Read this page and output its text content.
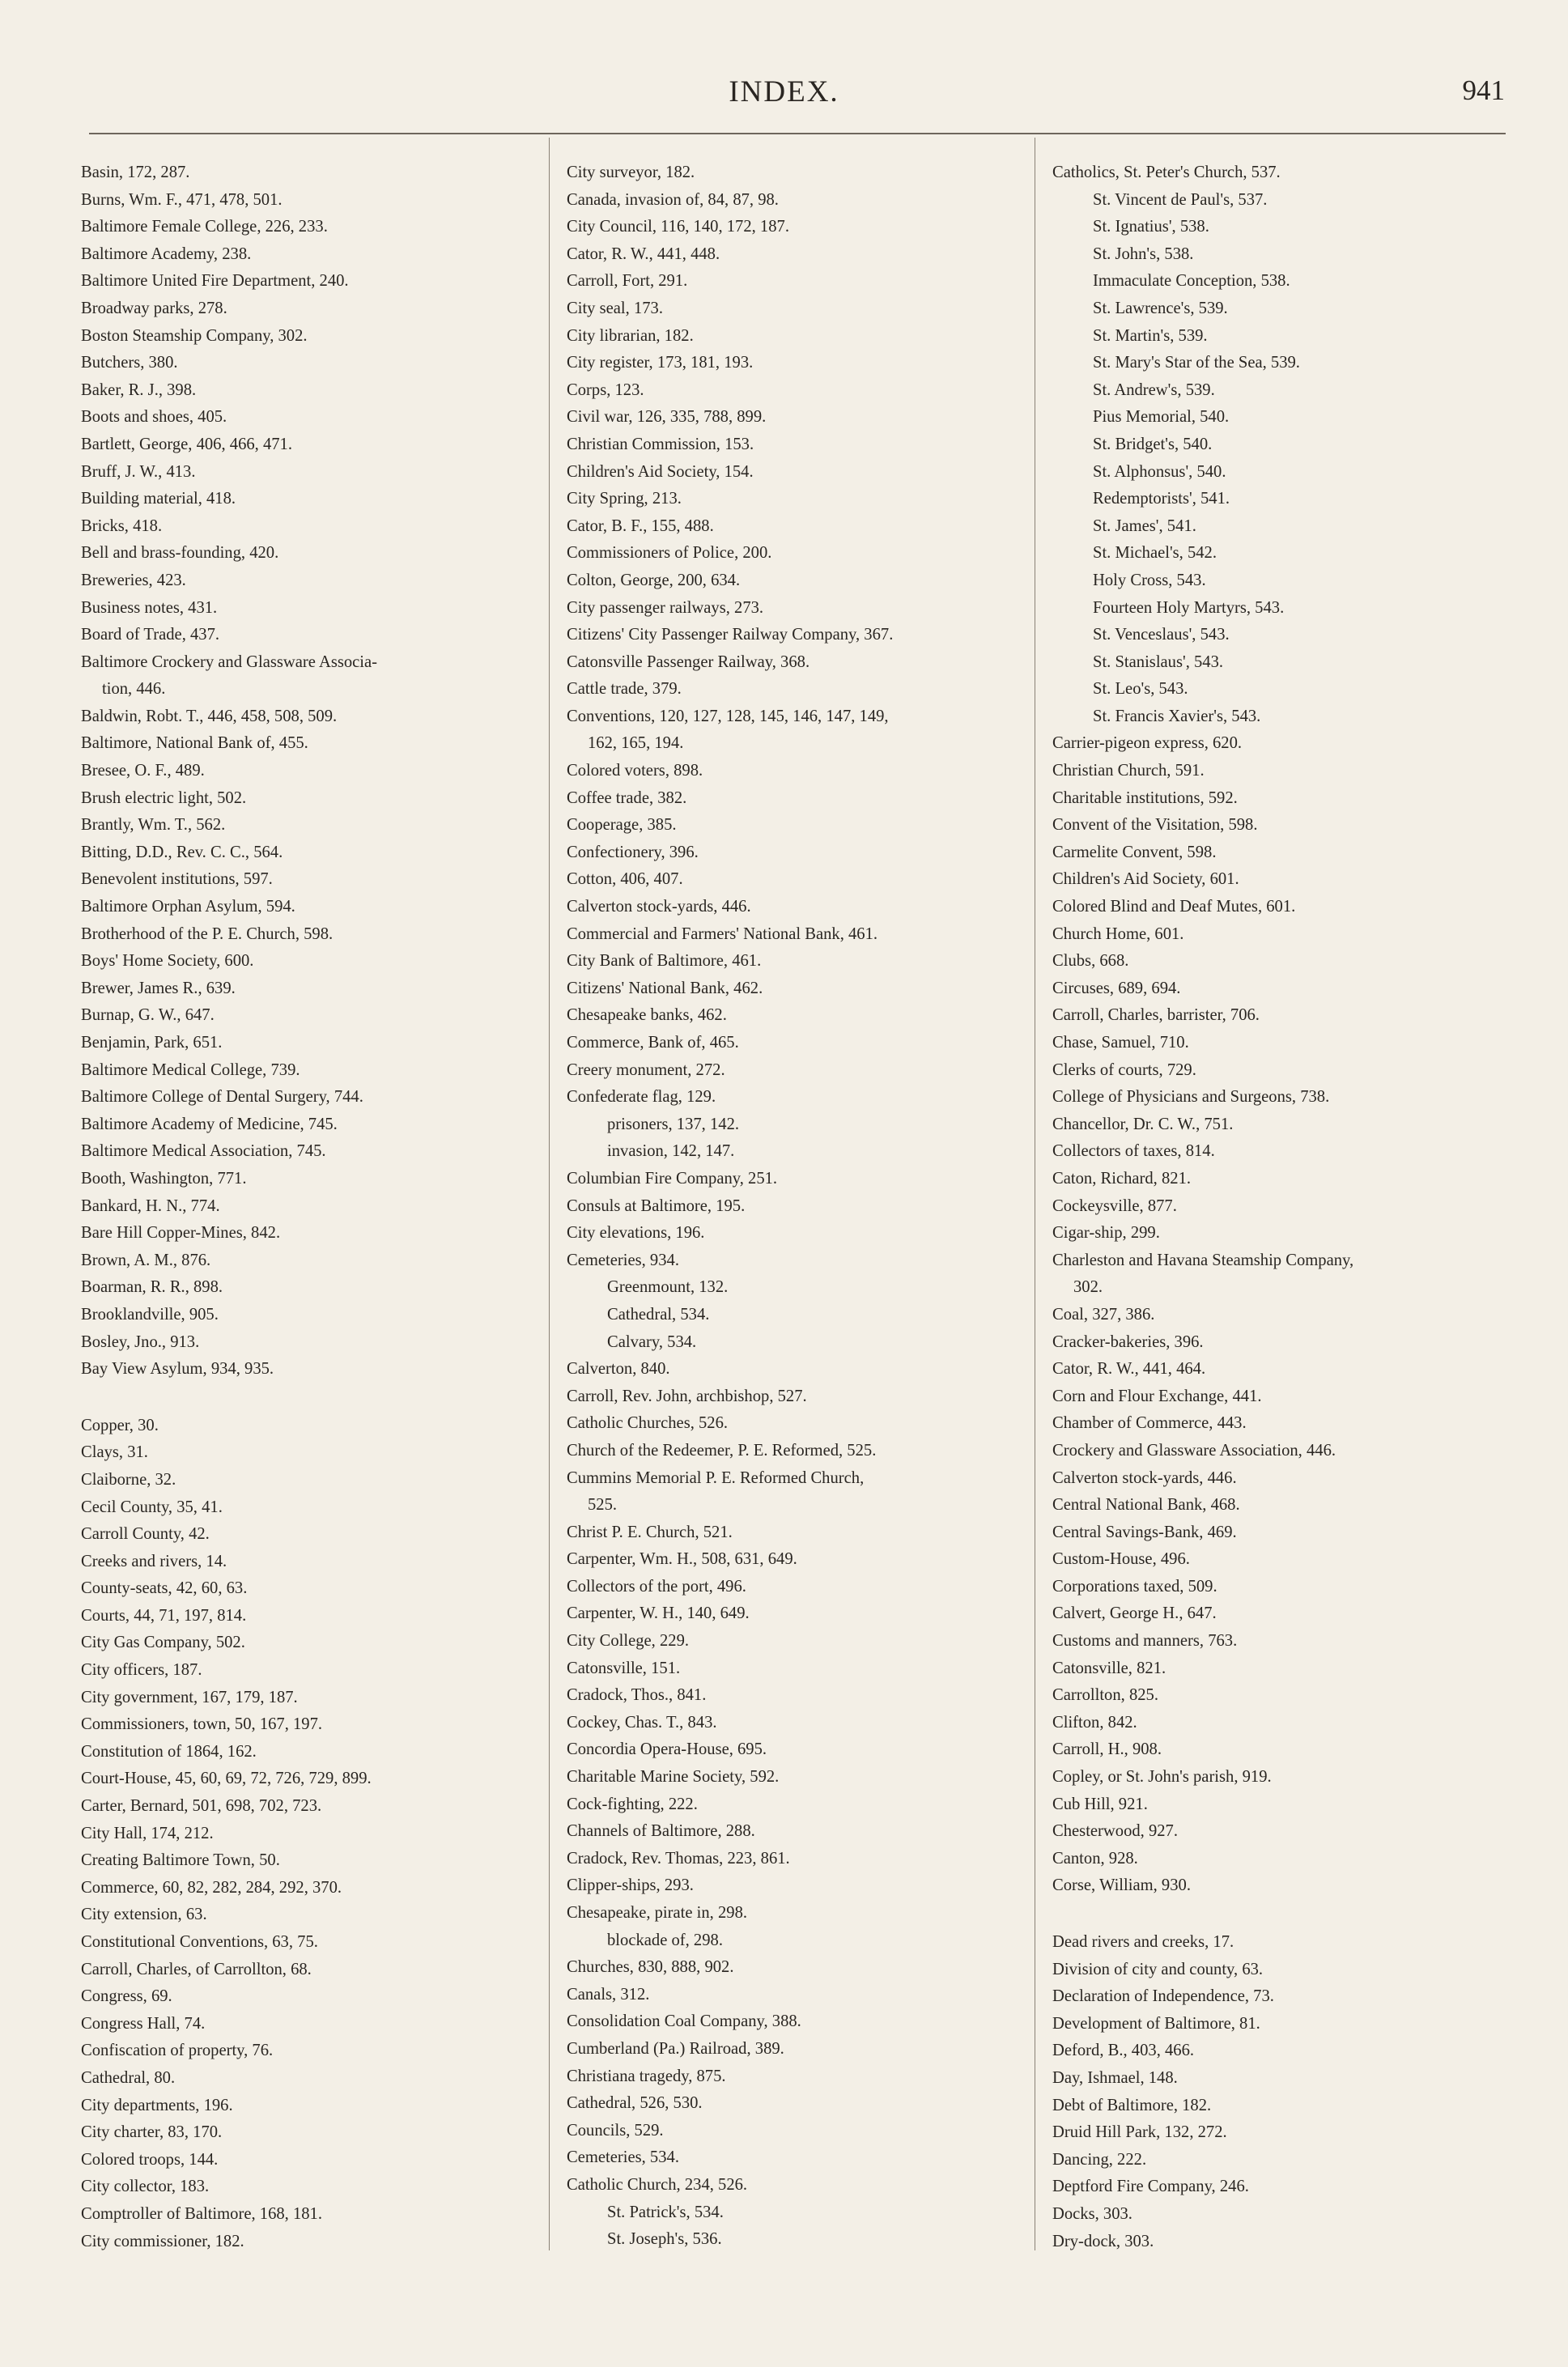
INDEX.	941
Basin, 172, 287.
Burns, Wm. F., 471, 478, 501.
Baltimore Female College, 226, 233.
Baltimore Academy, 238.
Baltimore United Fire Department, 240.
Broadway parks, 278.
Boston Steamship Company, 302.
Butchers, 380.
Baker, R. J., 398.
Boots and shoes, 405.
Bartlett, George, 406, 466, 471.
Bruff, J. W., 413.
Building material, 418.
Bricks, 418.
Bell and brass-founding, 420.
Breweries, 423.
Business notes, 431.
Board of Trade, 437.
Baltimore Crockery and Glassware Associa-
tion, 446.
Baldwin, Robt. T., 446, 458, 508, 509.
Baltimore, National Bank of, 455.
Bresee, O. F., 489.
Brush electric light, 502.
Brantly, Wm. T., 562.
Bitting, D.D., Rev. C. C., 564.
Benevolent institutions, 597.
Baltimore Orphan Asylum, 594.
Brotherhood of the P. E. Church, 598.
Boys' Home Society, 600.
Brewer, James R., 639.
Burnap, G. W., 647.
Benjamin, Park, 651.
Baltimore Medical College, 739.
Baltimore College of Dental Surgery, 744.
Baltimore Academy of Medicine, 745.
Baltimore Medical Association, 745.
Booth, Washington, 771.
Bankard, H. N., 774.
Bare Hill Copper-Mines, 842.
Brown, A. M., 876.
Boarman, R. R., 898.
Brooklandville, 905.
Bosley, Jno., 913.
Bay View Asylum, 934, 935.
Copper, 30.
Clays, 31.
Claiborne, 32.
Cecil County, 35, 41.
Carroll County, 42.
Creeks and rivers, 14.
County-seats, 42, 60, 63.
Courts, 44, 71, 197, 814.
City Gas Company, 502.
City officers, 187.
City government, 167, 179, 187.
Commissioners, town, 50, 167, 197.
Constitution of 1864, 162.
Court-House, 45, 60, 69, 72, 726, 729, 899.
Carter, Bernard, 501, 698, 702, 723.
City Hall, 174, 212.
Creating Baltimore Town, 50.
Commerce, 60, 82, 282, 284, 292, 370.
City extension, 63.
Constitutional Conventions, 63, 75.
Carroll, Charles, of Carrollton, 68.
Congress, 69.
Congress Hall, 74.
Confiscation of property, 76.
Cathedral, 80.
City departments, 196.
City charter, 83, 170.
Colored troops, 144.
City collector, 183.
Comptroller of Baltimore, 168, 181.
City commissioner, 182.
City surveyor, 182.
Canada, invasion of, 84, 87, 98.
City Council, 116, 140, 172, 187.
Cator, R. W., 441, 448.
Carroll, Fort, 291.
City seal, 173.
City librarian, 182.
City register, 173, 181, 193.
Corps, 123.
Civil war, 126, 335, 788, 899.
Christian Commission, 153.
Children's Aid Society, 154.
City Spring, 213.
Cator, B. F., 155, 488.
Commissioners of Police, 200.
Colton, George, 200, 634.
City passenger railways, 273.
Citizens' City Passenger Railway Company, 367.
Catonsville Passenger Railway, 368.
Cattle trade, 379.
Conventions, 120, 127, 128, 145, 146, 147, 149,
162, 165, 194.
Colored voters, 898.
Coffee trade, 382.
Cooperage, 385.
Confectionery, 396.
Cotton, 406, 407.
Calverton stock-yards, 446.
Commercial and Farmers' National Bank, 461.
City Bank of Baltimore, 461.
Citizens' National Bank, 462.
Chesapeake banks, 462.
Commerce, Bank of, 465.
Creery monument, 272.
Confederate flag, 129.
prisoners, 137, 142.
invasion, 142, 147.
Columbian Fire Company, 251.
Consuls at Baltimore, 195.
City elevations, 196.
Cemeteries, 934.
Greenmount, 132.
Cathedral, 534.
Calvary, 534.
Calverton, 840.
Carroll, Rev. John, archbishop, 527.
Catholic Churches, 526.
Church of the Redeemer, P. E. Reformed, 525.
Cummins Memorial P. E. Reformed Church,
525.
Christ P. E. Church, 521.
Carpenter, Wm. H., 508, 631, 649.
Collectors of the port, 496.
Carpenter, W. H., 140, 649.
City College, 229.
Catonsville, 151.
Cradock, Thos., 841.
Cockey, Chas. T., 843.
Concordia Opera-House, 695.
Charitable Marine Society, 592.
Cock-fighting, 222.
Channels of Baltimore, 288.
Cradock, Rev. Thomas, 223, 861.
Clipper-ships, 293.
Chesapeake, pirate in, 298.
blockade of, 298.
Churches, 830, 888, 902.
Canals, 312.
Consolidation Coal Company, 388.
Cumberland (Pa.) Railroad, 389.
Christiana tragedy, 875.
Cathedral, 526, 530.
Councils, 529.
Cemeteries, 534.
Catholic Church, 234, 526.
St. Patrick's, 534.
St. Joseph's, 536.
Catholics, St. Peter's Church, 537.
St. Vincent de Paul's, 537.
St. Ignatius', 538.
St. John's, 538.
Immaculate Conception, 538.
St. Lawrence's, 539.
St. Martin's, 539.
St. Mary's Star of the Sea, 539.
St. Andrew's, 539.
Pius Memorial, 540.
St. Bridget's, 540.
St. Alphonsus', 540.
Redemptorists', 541.
St. James', 541.
St. Michael's, 542.
Holy Cross, 543.
Fourteen Holy Martyrs, 543.
St. Venceslaus', 543.
St. Stanislaus', 543.
St. Leo's, 543.
St. Francis Xavier's, 543.
Carrier-pigeon express, 620.
Christian Church, 591.
Charitable institutions, 592.
Convent of the Visitation, 598.
Carmelite Convent, 598.
Children's Aid Society, 601.
Colored Blind and Deaf Mutes, 601.
Church Home, 601.
Clubs, 668.
Circuses, 689, 694.
Carroll, Charles, barrister, 706.
Chase, Samuel, 710.
Clerks of courts, 729.
College of Physicians and Surgeons, 738.
Chancellor, Dr. C. W., 751.
Collectors of taxes, 814.
Caton, Richard, 821.
Cockeysville, 877.
Cigar-ship, 299.
Charleston and Havana Steamship Company,
302.
Coal, 327, 386.
Cracker-bakeries, 396.
Cator, R. W., 441, 464.
Corn and Flour Exchange, 441.
Chamber of Commerce, 443.
Crockery and Glassware Association, 446.
Calverton stock-yards, 446.
Central National Bank, 468.
Central Savings-Bank, 469.
Custom-House, 496.
Corporations taxed, 509.
Calvert, George H., 647.
Customs and manners, 763.
Catonsville, 821.
Carrollton, 825.
Clifton, 842.
Carroll, H., 908.
Copley, or St. John's parish, 919.
Cub Hill, 921.
Chesterwood, 927.
Canton, 928.
Corse, William, 930.
Dead rivers and creeks, 17.
Division of city and county, 63.
Declaration of Independence, 73.
Development of Baltimore, 81.
Deford, B., 403, 466.
Day, Ishmael, 148.
Debt of Baltimore, 182.
Druid Hill Park, 132, 272.
Dancing, 222.
Deptford Fire Company, 246.
Docks, 303.
Dry-dock, 303.
